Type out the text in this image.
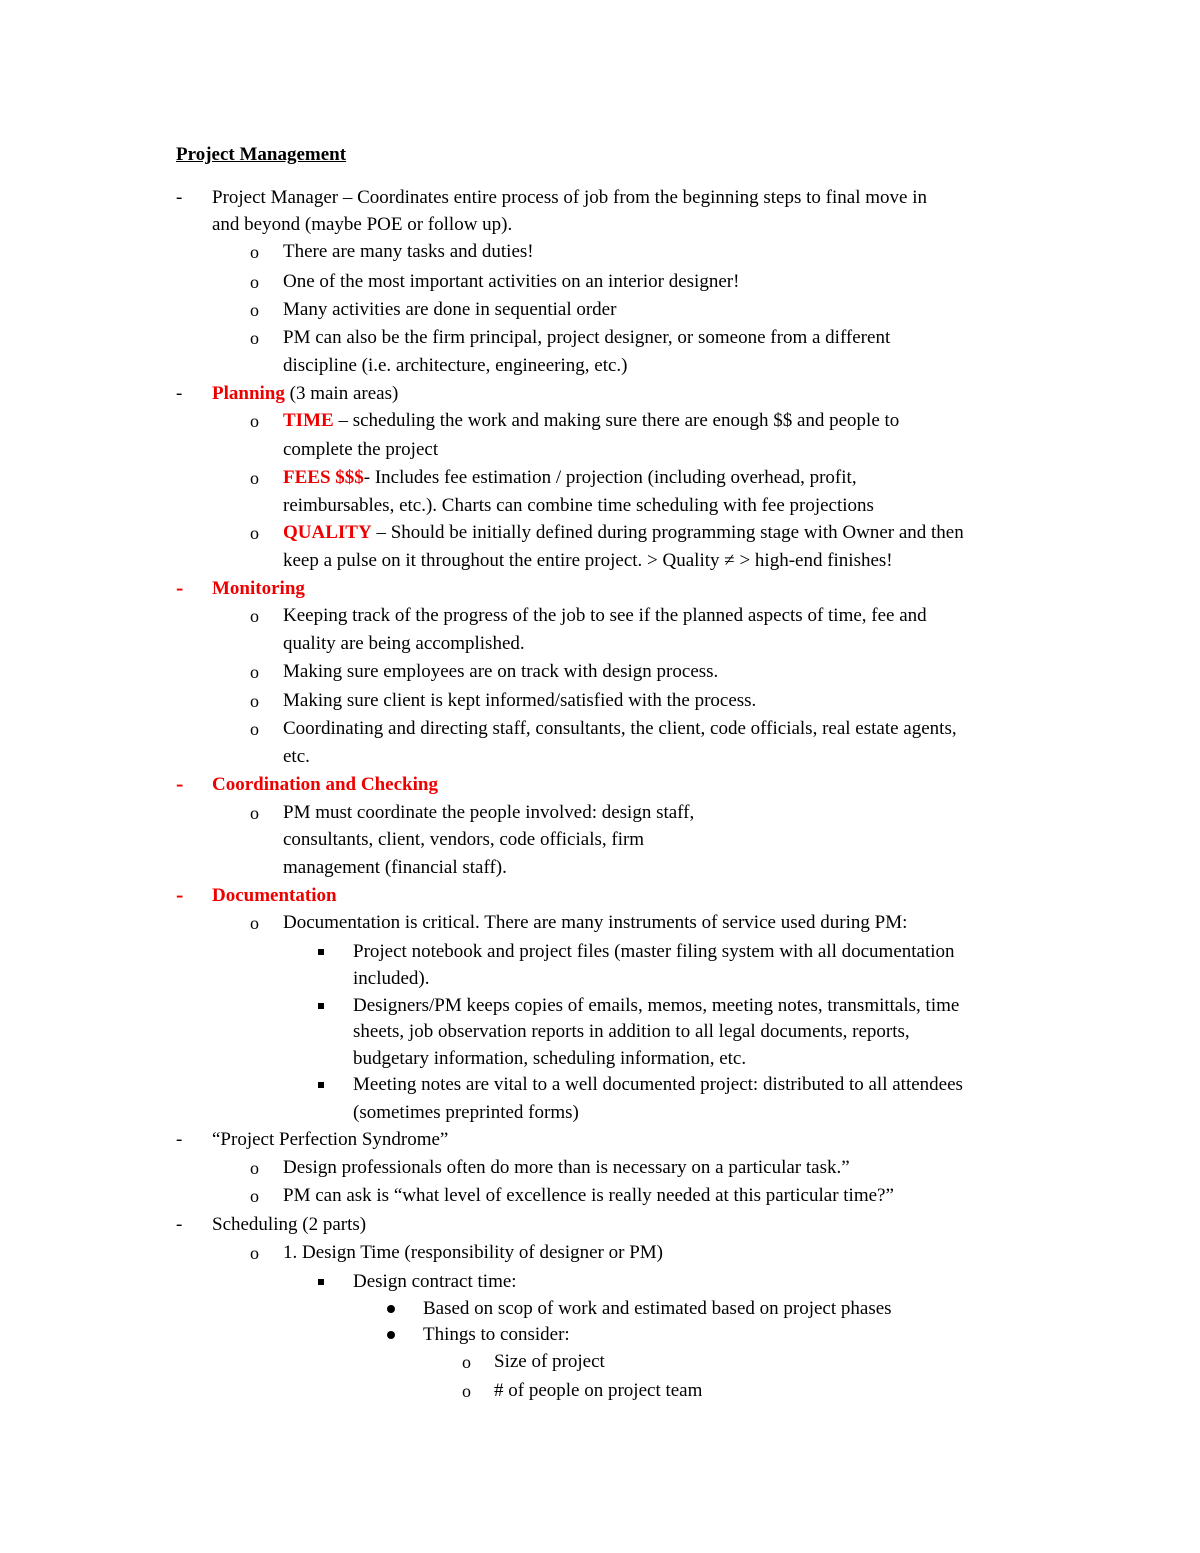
Project Management
- Project Manager – Coordinates entire process of job from the beginning steps to final move in
and beyond (maybe POE or follow up).
o There are many tasks and duties!
o One of the most important activities on an interior designer!
o Many activities are done in sequential order
o PM can also be the firm principal, project designer, or someone from a different
discipline (i.e. architecture, engineering, etc.)
- Planning (3 main areas)
o TIME – scheduling the work and making sure there are enough $$ and people to
complete the project
o FEES $$$- Includes fee estimation / projection (including overhead, profit,
reimbursables, etc.). Charts can combine time scheduling with fee projections
o QUALITY – Should be initially defined during programming stage with Owner and then
keep a pulse on it throughout the entire project. > Quality ≠ > high-end finishes!
- Monitoring
o Keeping track of the progress of the job to see if the planned aspects of time, fee and
quality are being accomplished.
o Making sure employees are on track with design process.
o Making sure client is kept informed/satisfied with the process.
o Coordinating and directing staff, consultants, the client, code officials, real estate agents,
etc.
- Coordination and Checking
o PM must coordinate the people involved: design staff,
consultants, client, vendors, code officials, firm
management (financial staff).
- Documentation
o Documentation is critical. There are many instruments of service used during PM:
Project notebook and project files (master filing system with all documentation
included).
Designers/PM keeps copies of emails, memos, meeting notes, transmittals, time
sheets, job observation reports in addition to all legal documents, reports,
budgetary information, scheduling information, etc.
Meeting notes are vital to a well documented project: distributed to all attendees
(sometimes preprinted forms)
- “Project Perfection Syndrome”
o Design professionals often do more than is necessary on a particular task.”
o PM can ask is “what level of excellence is really needed at this particular time?”
- Scheduling (2 parts)
o 1. Design Time (responsibility of designer or PM)
Design contract time:
Based on scop of work and estimated based on project phases
Things to consider:
o Size of project
o # of people on project team
